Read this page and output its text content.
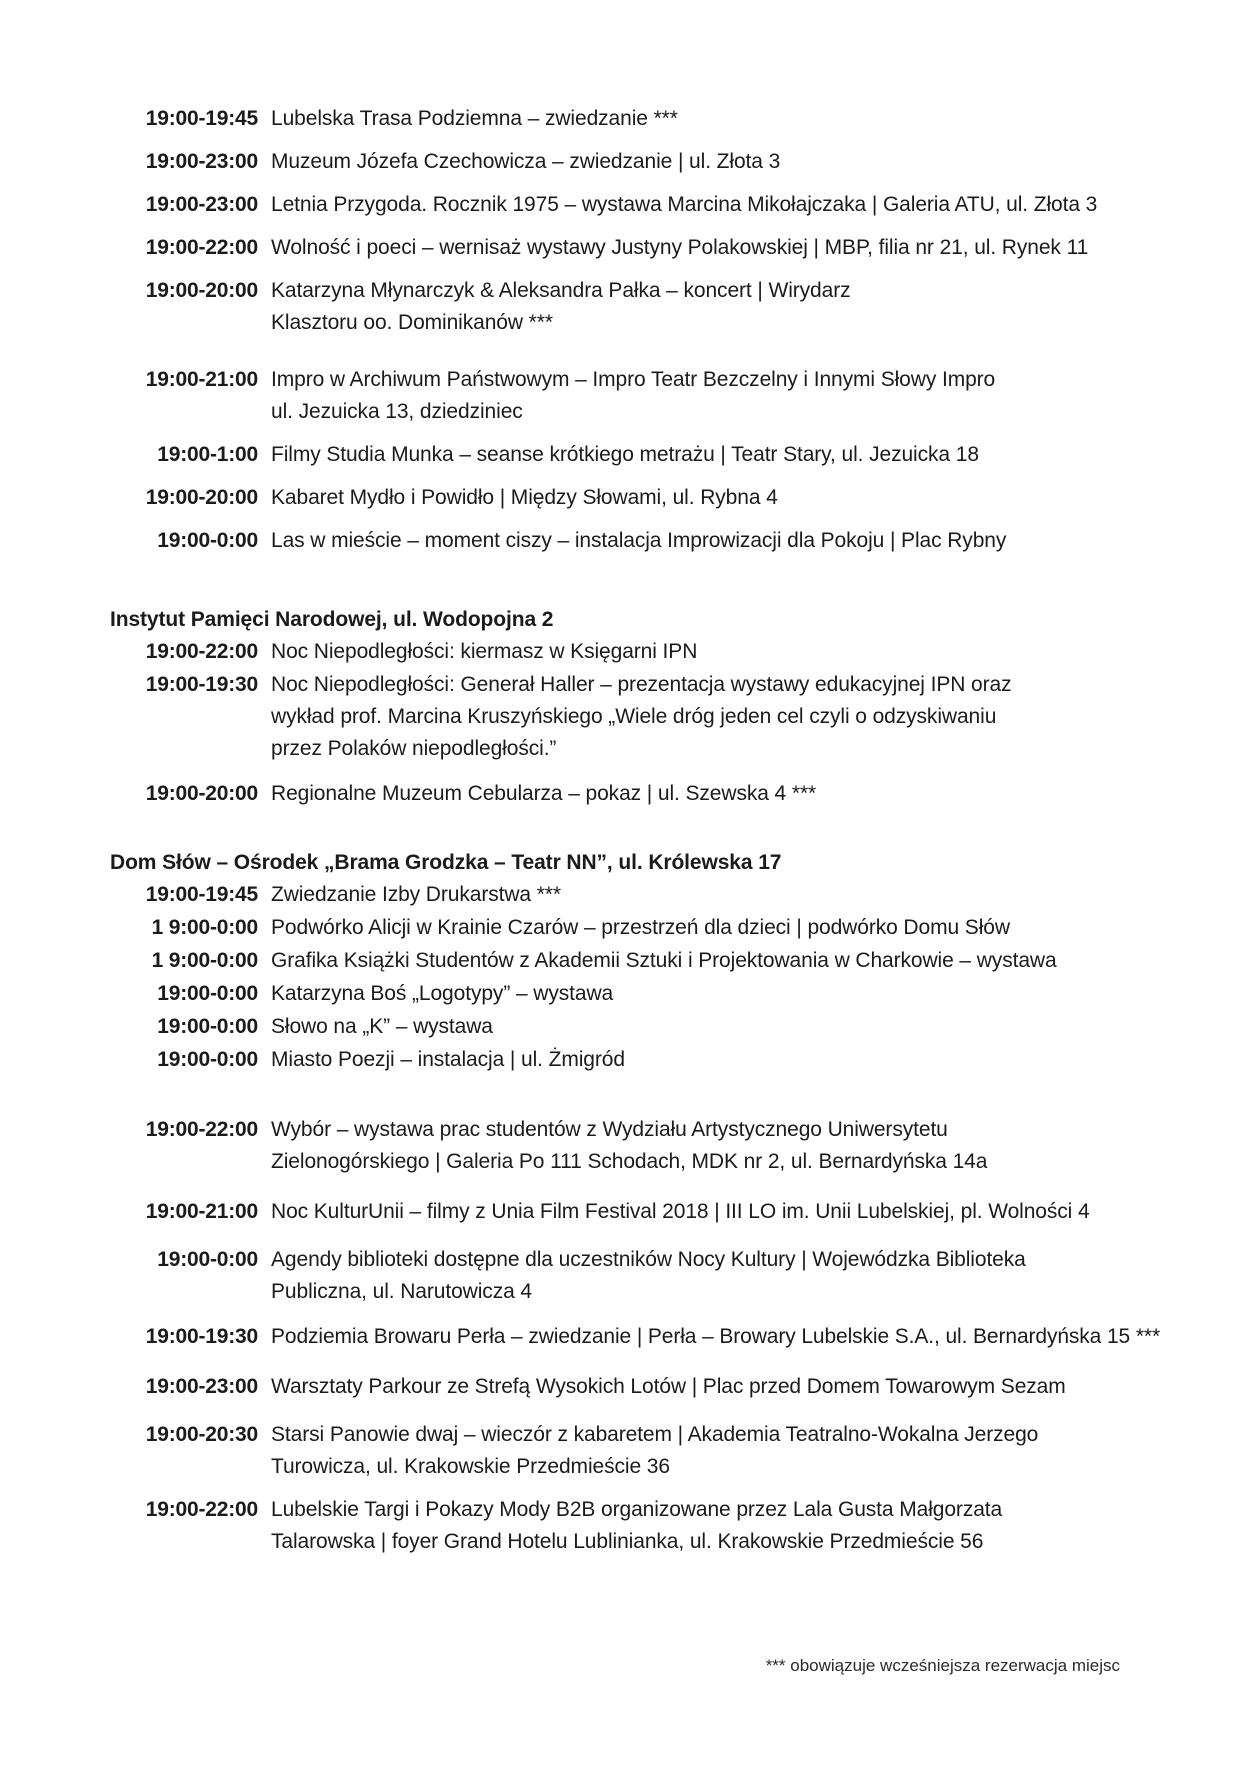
19:00-19:45 Lubelska Trasa Podziemna – zwiedzanie ***
19:00-23:00 Muzeum Józefa Czechowicza – zwiedzanie | ul. Złota 3
19:00-23:00 Letnia Przygoda. Rocznik 1975 – wystawa Marcina Mikołajczaka | Galeria ATU, ul. Złota 3
19:00-22:00 Wolność i poeci – wernisaż wystawy Justyny Polakowskiej | MBP, filia nr 21, ul. Rynek 11
19:00-20:00 Katarzyna Młynarczyk & Aleksandra Pałka – koncert | Wirydarz
Klasztoru oo. Dominikanów ***
19:00-21:00 Impro w Archiwum Państwowym – Impro Teatr Bezczelny i Innymi Słowy Impro
ul. Jezuicka 13, dziedziniec
19:00-1:00 Filmy Studia Munka – seanse krótkiego metrażu | Teatr Stary, ul. Jezuicka 18
19:00-20:00 Kabaret Mydło i Powidło | Między Słowami, ul. Rybna 4
19:00-0:00 Las w mieście – moment ciszy – instalacja Improwizacji dla Pokoju | Plac Rybny
Instytut Pamięci Narodowej, ul. Wodopojna 2
19:00-22:00 Noc Niepodległości: kiermasz w Księgarni IPN
19:00-19:30 Noc Niepodległości: Generał Haller – prezentacja wystawy edukacyjnej IPN oraz
wykład prof. Marcina Kruszyńskiego „Wiele dróg jeden cel czyli o odzyskiwaniu
przez Polaków niepodległości.”
19:00-20:00 Regionalne Muzeum Cebularza – pokaz | ul. Szewska 4 ***
Dom Słów – Ośrodek „Brama Grodzka – Teatr NN”, ul. Królewska 17
19:00-19:45 Zwiedzanie Izby Drukarstwa ***
1 9:00-0:00 Podwórko Alicji w Krainie Czarów – przestrzeń dla dzieci | podwórko Domu Słów
1 9:00-0:00 Grafika Książki Studentów z Akademii Sztuki i Projektowania w Charkowie – wystawa
19:00-0:00 Katarzyna Boś „Logotypy” – wystawa
19:00-0:00 Słowo na „K” – wystawa
19:00-0:00 Miasto Poezji – instalacja | ul. Żmigród
19:00-22:00 Wybór – wystawa prac studentów z Wydziału Artystycznego Uniwersytetu
Zielonogórskiego | Galeria Po 111 Schodach, MDK nr 2, ul. Bernardyńska 14a
19:00-21:00 Noc KulturUnii – filmy z Unia Film Festival 2018 | III LO im. Unii Lubelskiej, pl. Wolności 4
19:00-0:00 Agendy biblioteki dostępne dla uczestników Nocy Kultury | Wojewódzka Biblioteka
Publiczna, ul. Narutowicza 4
19:00-19:30 Podziemia Browaru Perła – zwiedzanie | Perła – Browary Lubelskie S.A., ul. Bernardyńska 15 ***
19:00-23:00 Warsztaty Parkour ze Strefą Wysokich Lotów | Plac przed Domem Towarowym Sezam
19:00-20:30 Starsi Panowie dwaj – wieczór z kabaretem | Akademia Teatralno-Wokalna Jerzego
Turowicza, ul. Krakowskie Przedmieście 36
19:00-22:00 Lubelskie Targi i Pokazy Mody B2B organizowane przez Lala Gusta Małgorzata
Talarowska | foyer Grand Hotelu Lublinianka, ul. Krakowskie Przedmieście 56
*** obowiązuje wcześniejsza rezerwacja miejsc
